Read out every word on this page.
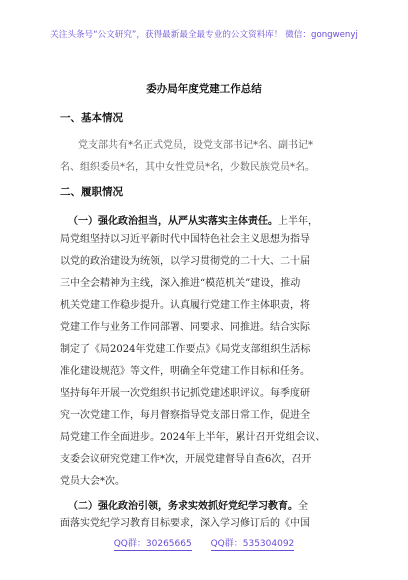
关注头条号“公文研究”，获得最新最全最专业的公文资料库！ 微信：gongwenyj
委办局年度党建工作总结
一、基本情况
党支部共有*名正式党员，设党支部书记*名、副书记*
名、组织委员*名，其中女性党员*名，少数民族党员*名。
二、履职情况
（一）强化政治担当，从严从实落实主体责任。上半年，
局党组坚持以习近平新时代中国特色社会主义思想为指导
以党的政治建设为统领，以学习贯彻党的二十大、二十届
三中全会精神为主线，深入推进“模范机关”建设，推动
机关党建工作稳步提升。认真履行党建工作主体职责，将
党建工作与业务工作同部署、同要求、同推进。结合实际
制定了《局2024年党建工作要点》《局党支部组织生活标
准化建设规范》等文件，明确全年党建工作目标和任务。
坚持每年开展一次党组织书记抓党建述职评议。每季度研
究一次党建工作，每月督察指导党支部日常工作，促进全
局党建工作全面进步。2024年上半年，累计召开党组会议、
支委会议研究党建工作*次，开展党建督导自查6次，召开
党员大会*次。
（二）强化政治引领，务求实效抓好党纪学习教育。全
面落实党纪学习教育目标要求，深入学习修订后的《中国
QQ群：30265665 QQ群：535304092
